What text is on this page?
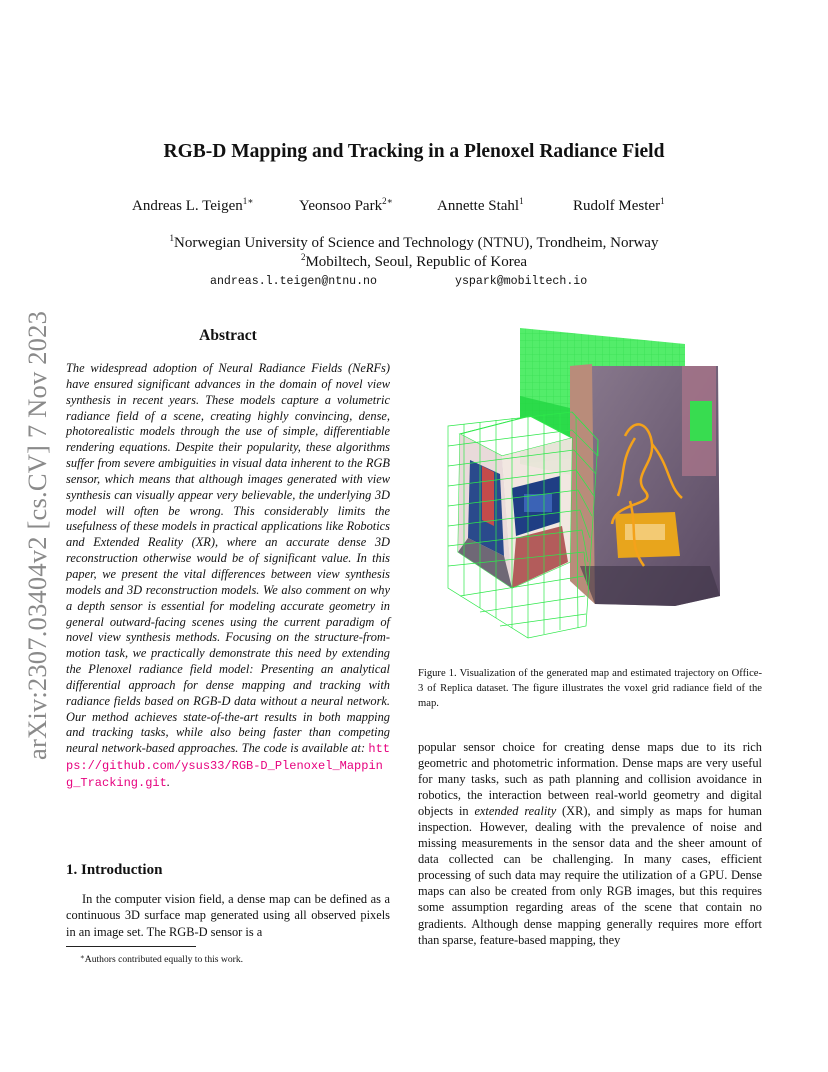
arXiv:2307.03404v2 [cs.CV] 7 Nov 2023
RGB-D Mapping and Tracking in a Plenoxel Radiance Field
Andreas L. Teigen$^{1∗}$	Yeonsoo Park$^{2∗}$	Annette Stahl$^1$	Rudolf Mester$^1$
$^1$Norwegian University of Science and Technology (NTNU), Trondheim, Norway
$^2$Mobiltech, Seoul, Republic of Korea
andreas.l.teigen@ntnu.no	yspark@mobiltech.io
Abstract
The widespread adoption of Neural Radiance Fields (NeRFs) have ensured significant advances in the domain of novel view synthesis in recent years. These models capture a volumetric radiance field of a scene, creating highly convincing, dense, photorealistic models through the use of simple, differentiable rendering equations. Despite their popularity, these algorithms suffer from severe ambiguities in visual data inherent to the RGB sensor, which means that although images generated with view synthesis can visually appear very believable, the underlying 3D model will often be wrong. This considerably limits the usefulness of these models in practical applications like Robotics and Extended Reality (XR), where an accurate dense 3D reconstruction otherwise would be of significant value. In this paper, we present the vital differences between view synthesis models and 3D reconstruction models. We also comment on why a depth sensor is essential for modeling accurate geometry in general outward-facing scenes using the current paradigm of novel view synthesis methods. Focusing on the structure-from-motion task, we practically demonstrate this need by extending the Plenoxel radiance field model: Presenting an analytical differential approach for dense mapping and tracking with radiance fields based on RGB-D data without a neural network. Our method achieves state-of-the-art results in both mapping and tracking tasks, while also being faster than competing neural network-based approaches. The code is available at: https://github.com/ysus33/RGB-D_Plenoxel_Mapping_Tracking.git.
1. Introduction
In the computer vision field, a dense map can be defined as a continuous 3D surface map generated using all observed pixels in an image set. The RGB-D sensor is a
∗Authors contributed equally to this work.
Figure 1. Visualization of the generated map and estimated trajectory on Office-3 of Replica dataset. The figure illustrates the voxel grid radiance field of the map.
popular sensor choice for creating dense maps due to its rich geometric and photometric information. Dense maps are very useful for many tasks, such as path planning and collision avoidance in robotics, the interaction between real-world geometry and digital objects in extended reality (XR), and simply as maps for human inspection. However, dealing with the prevalence of noise and missing measurements in the sensor data and the sheer amount of data collected can be challenging. In many cases, efficient processing of such data may require the utilization of a GPU. Dense maps can also be created from only RGB images, but this requires some assumption regarding areas of the scene that contain no gradients. Although dense mapping generally requires more effort than sparse, feature-based mapping, they
